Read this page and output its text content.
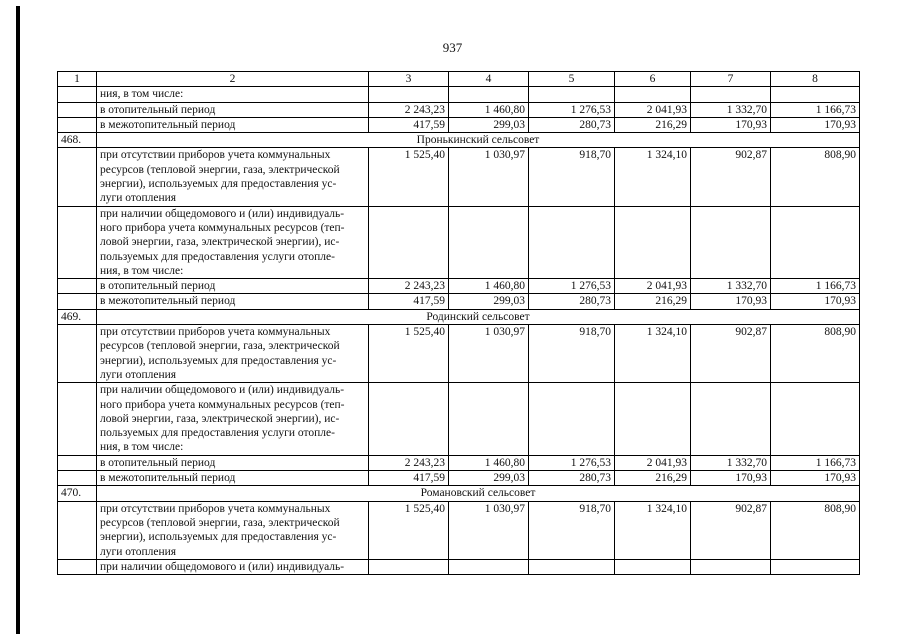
937
1	2	3	4	5	6	7	8
	ния, в том числе:						
	в отопительный период	2 243,23	1 460,80	1 276,53	2 041,93	1 332,70	1 166,73
	в межотопительный период	417,59	299,03	280,73	216,29	170,93	170,93
468.	Пронькинский сельсовет						

	при отсутствии приборов учета коммунальных
ресурсов (тепловой энергии, газа, электрической
энергии), используемых для предоставления ус-
луги отопления	1 525,40	1 030,97	918,70	1 324,10	902,87	808,90

	при наличии общедомового и (или) индивидуаль-
ного прибора учета коммунальных ресурсов (теп-
ловой энергии, газа, электрической энергии), ис-
пользуемых для предоставления услуги отопле-
ния, в том числе:						

	в отопительный период	2 243,23	1 460,80	1 276,53	2 041,93	1 332,70	1 166,73
	в межотопительный период	417,59	299,03	280,73	216,29	170,93	170,93
469.	Родинский сельсовет						

	при отсутствии приборов учета коммунальных
ресурсов (тепловой энергии, газа, электрической
энергии), используемых для предоставления ус-
луги отопления	1 525,40	1 030,97	918,70	1 324,10	902,87	808,90

	при наличии общедомового и (или) индивидуаль-
ного прибора учета коммунальных ресурсов (теп-
ловой энергии, газа, электрической энергии), ис-
пользуемых для предоставления услуги отопле-
ния, в том числе:						

	в отопительный период	2 243,23	1 460,80	1 276,53	2 041,93	1 332,70	1 166,73
	в межотопительный период	417,59	299,03	280,73	216,29	170,93	170,93
470.	Романовский сельсовет						

	при отсутствии приборов учета коммунальных
ресурсов (тепловой энергии, газа, электрической
энергии), используемых для предоставления ус-
луги отопления	1 525,40	1 030,97	918,70	1 324,10	902,87	808,90

	при наличии общедомового и (или) индивидуаль-						
